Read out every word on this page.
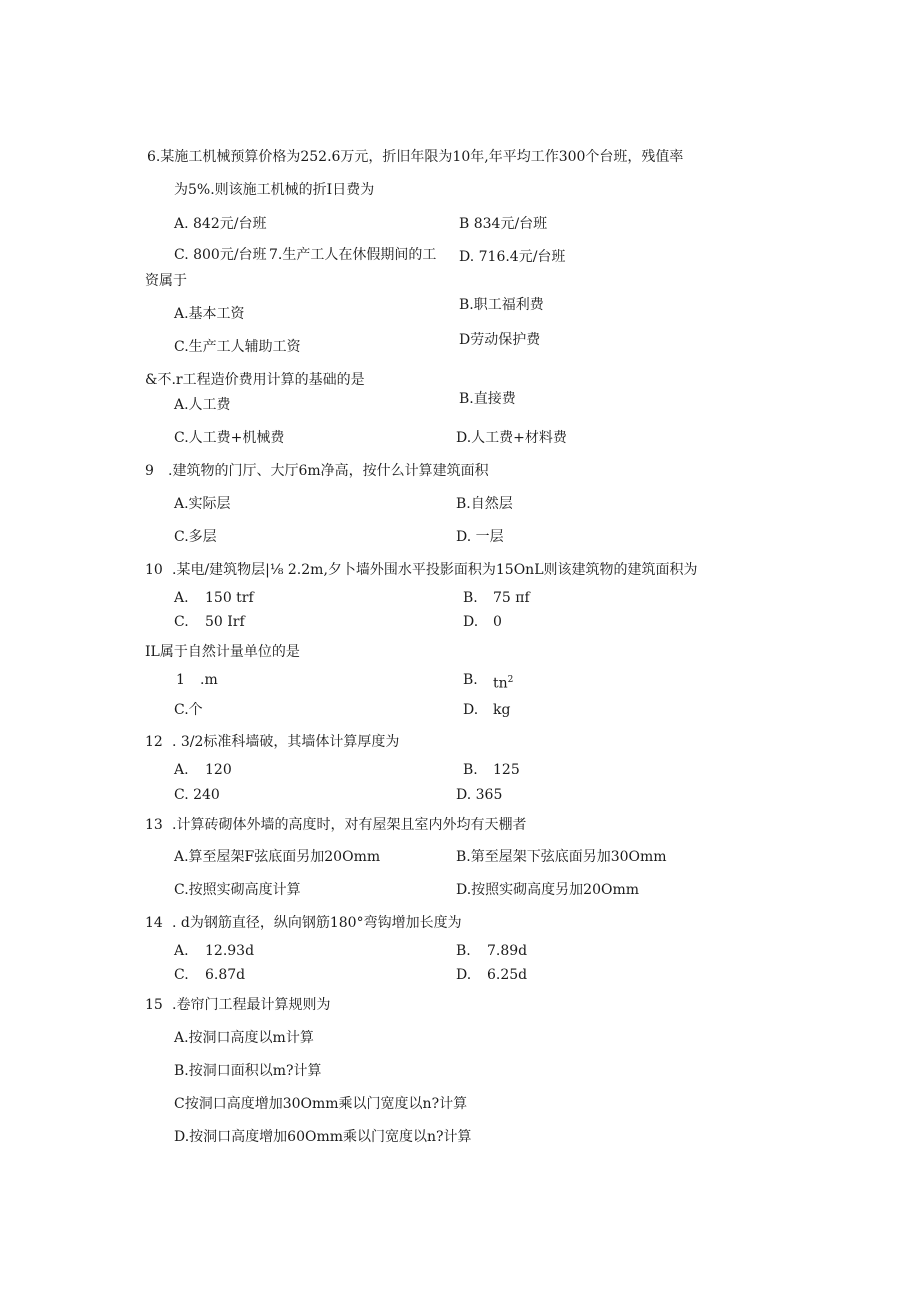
6.某施工机械预算价格为252.6万元，折旧年限为10年,年平均工作300个台班，残值率
为5%.则该施工机械的折I日费为
A. 842元/台班	B 834元/台班
C. 800元/台班 7.生产工人在休假期间的工 D. 716.4元/台班
资属于
B.职工福利费
A.基本工资
D劳动保护费
C.生产工人辅助工资
&不.r工程造价费用计算的基础的是
A.人工费	B.直接费
C.人工费+机械费	D.人工费+材料费
9 .建筑物的门厅、大厅6m净高，按什么计算建筑面积
A.实际层	B.自然层
C.多层	D. 一层
10 .某电/建筑物层|⅛ 2.2m,夕卜墙外围水平投影面积为15OnL则该建筑物的建筑面积为
A. 150 trf	B. 75 πf
C. 50 Irf	D. 0
IL属于自然计量单位的是
1 .m	B. $tn^2$
C.个	D. kg
12 . 3/2标准科墙破，其墙体计算厚度为
A. 120	B. 125
C. 240	D. 365
13 .计算砖砌体外墙的高度时，对有屋架且室内外均有天棚者
A.算至屋架F弦底面另加20Omm	B.第至屋架下弦底面另加30Omm
C.按照实砌高度计算	D.按照实砌高度另加20Omm
14 . d为钢筋直径，纵向钢筋180°弯钩增加长度为
A. 12.93d	B. 7.89d
C. 6.87d	D. 6.25d
15 .卷帘门工程最计算规则为
A.按洞口高度以m计算
B.按洞口面积以m?计算
C按洞口高度增加30Omm乘以门宽度以n?计算
D.按洞口高度增加60Omm乘以门宽度以n?计算
